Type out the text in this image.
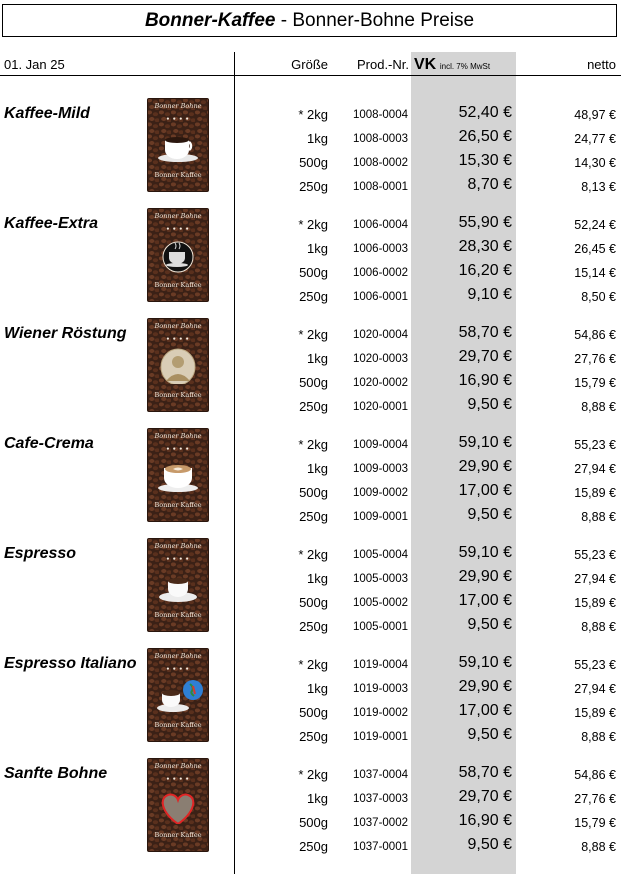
Bonner-Kaffee - Bonner-Bohne Preise
01. Jan 25	Größe	Prod.-Nr. VK incl. 7% MwSt	netto
Kaffee-Mild	Bonner Bohne
● ● ● ●
Bonner Kaffee
* 2kg	1008-0004	52,40 €	48,97 €
1kg	1008-0003	26,50 €	24,77 €
500g	1008-0002	15,30 €	14,30 €
250g	1008-0001	8,70 €	8,13 €
Kaffee-Extra	Bonner Bohne
● ● ● ●
Bonner Kaffee
* 2kg	1006-0004	55,90 €	52,24 €
1kg	1006-0003	28,30 €	26,45 €
500g	1006-0002	16,20 €	15,14 €
250g	1006-0001	9,10 €	8,50 €
Wiener Röstung	Bonner Bohne
● ● ● ●
Bonner Kaffee
* 2kg	1020-0004	58,70 €	54,86 €
1kg	1020-0003	29,70 €	27,76 €
500g	1020-0002	16,90 €	15,79 €
250g	1020-0001	9,50 €	8,88 €
Cafe-Crema	Bonner Bohne
● ● ● ●
Bonner Kaffee
* 2kg	1009-0004	59,10 €	55,23 €
1kg	1009-0003	29,90 €	27,94 €
500g	1009-0002	17,00 €	15,89 €
250g	1009-0001	9,50 €	8,88 €
Espresso	Bonner Bohne
● ● ● ●
Bonner Kaffee
* 2kg	1005-0004	59,10 €	55,23 €
1kg	1005-0003	29,90 €	27,94 €
500g	1005-0002	17,00 €	15,89 €
250g	1005-0001	9,50 €	8,88 €
Espresso Italiano	Bonner Bohne
● ● ● ●
Bonner Kaffee
* 2kg	1019-0004	59,10 €	55,23 €
1kg	1019-0003	29,90 €	27,94 €
500g	1019-0002	17,00 €	15,89 €
250g	1019-0001	9,50 €	8,88 €
Sanfte Bohne	Bonner Bohne
● ● ● ●
Bonner Kaffee
* 2kg	1037-0004	58,70 €	54,86 €
1kg	1037-0003	29,70 €	27,76 €
500g	1037-0002	16,90 €	15,79 €
250g	1037-0001	9,50 €	8,88 €
